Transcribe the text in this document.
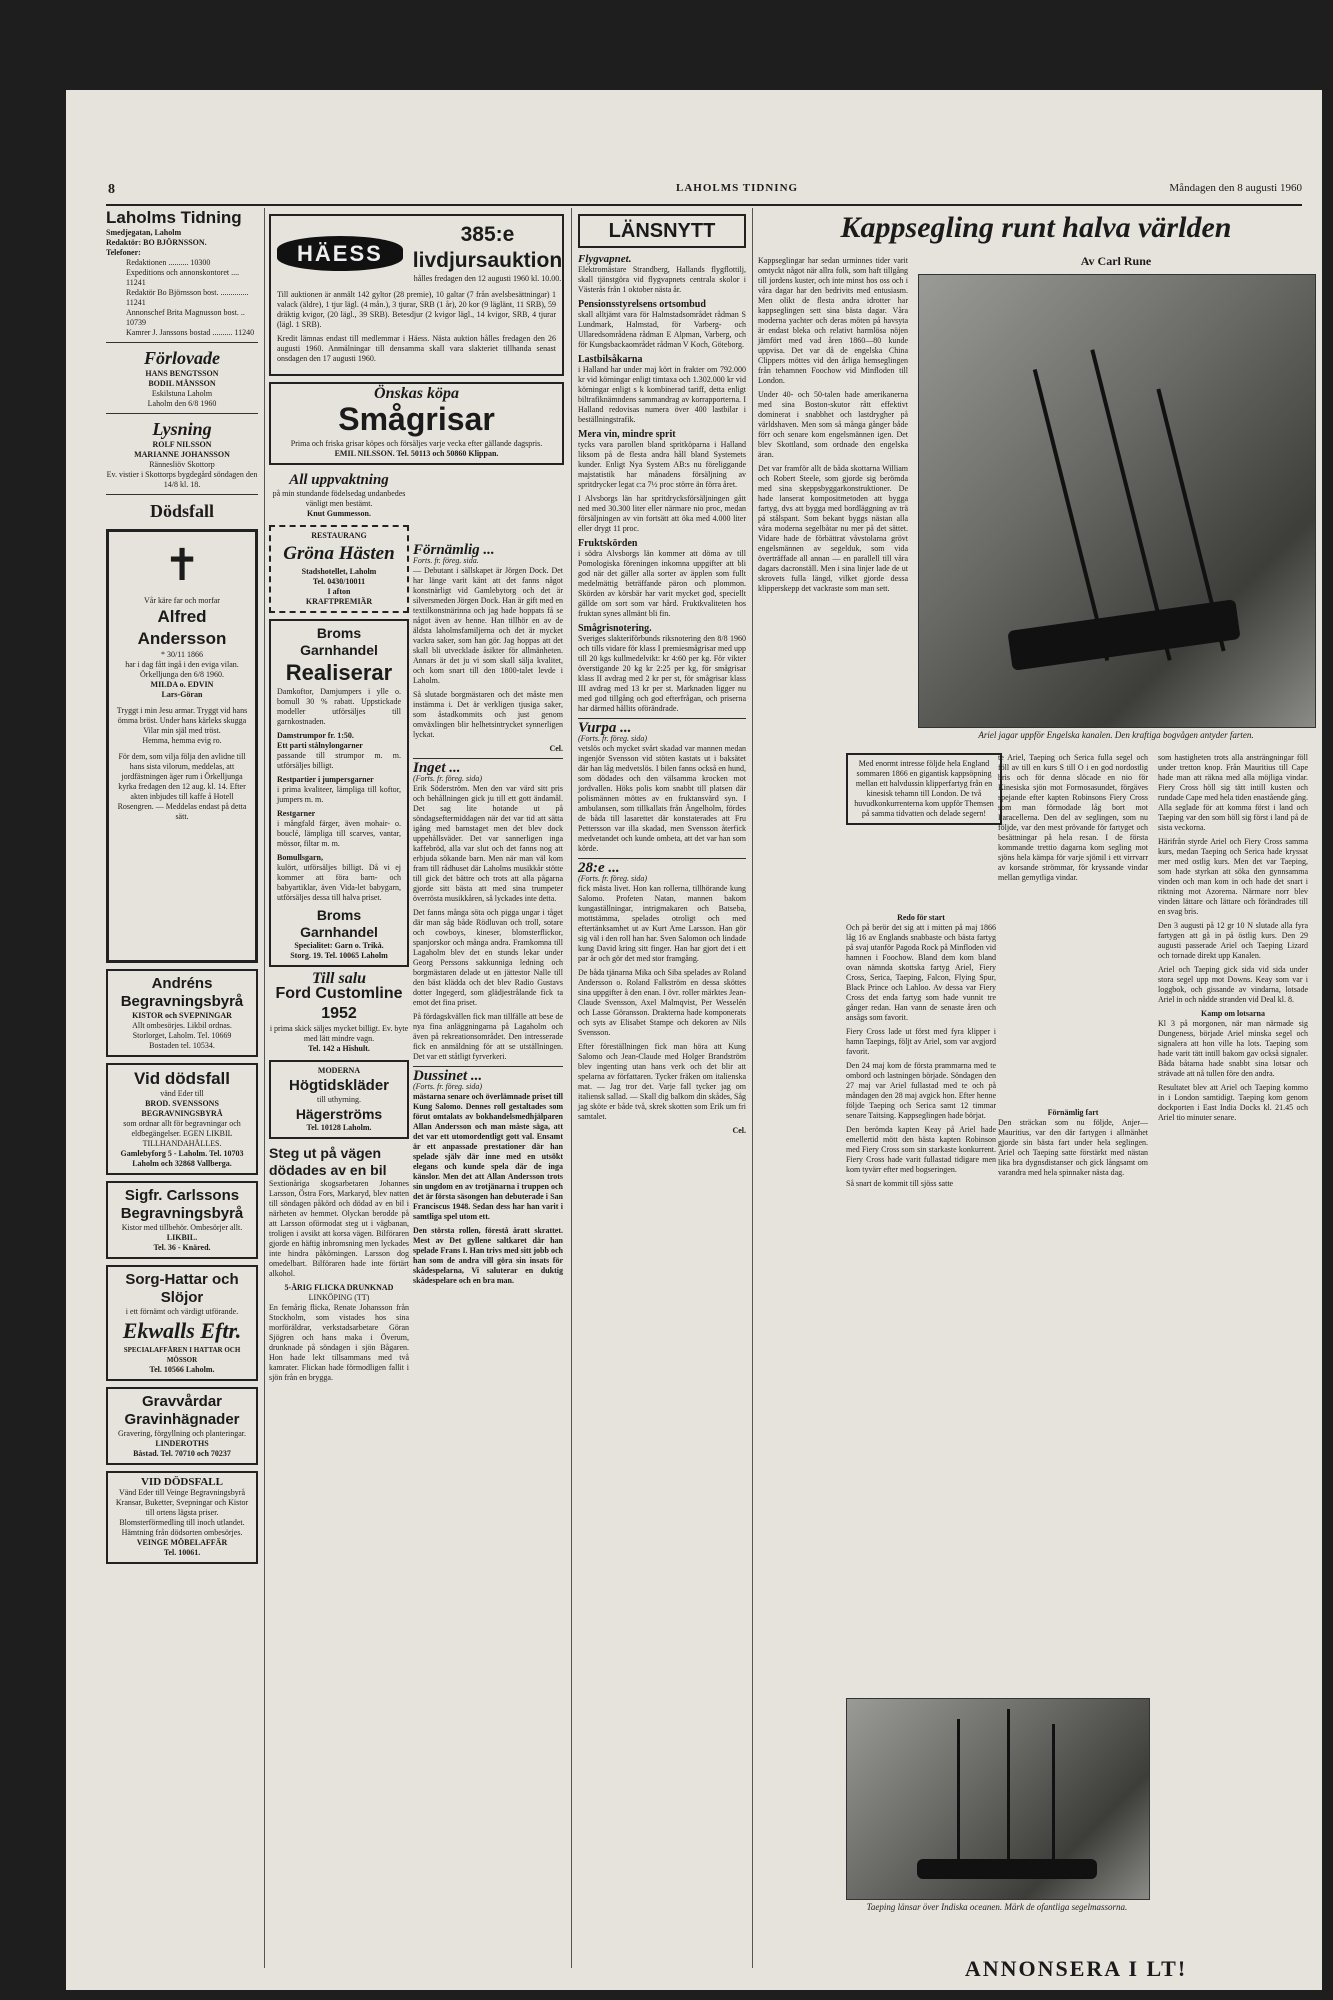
8	LAHOLMS TIDNING	Måndagen den 8 augusti 1960
Laholms Tidning
Smedjegatan, Laholm
Redaktör: BO BJÖRNSSON.
Telefoner:
Redaktionen .......... 10300
Expeditions och annonskontoret .... 11241
Redaktör Bo Björnsson bost. .............. 11241
Annonschef Brita Magnusson bost. .. 10739
Kamrer J. Janssons bostad .......... 11240
Förlovade
HANS BENGTSSON
BODIL MÅNSSON
Eskilstuna Laholm
Laholm den 6/8 1960
Lysning
ROLF NILSSON
MARIANNE JOHANSSON
Rännesliöv Skottorp
Ev. vistier i Skottorps bygdegård söndagen den 14/8 kl. 18.
Dödsfall
✝
Vår käre far och morfar
Alfred Andersson
* 30/11 1866
har i dag fått ingå i den eviga vilan.
Örkelljunga den 6/8 1960.
MILDA o. EDVIN
Lars-Göran
Tryggt i min Jesu armar. Tryggt vid hans ömma bröst. Under hans kärleks skugga Vilar min själ med tröst.
Hemma, hemma evig ro.
För dem, som vilja följa den avlidne till hans sista vilorum, meddelas, att jordfästningen äger rum i Örkelljunga kyrka fredagen den 12 aug. kl. 14. Efter akten inbjudes till kaffe å Hotell Rosengren. — Meddelas endast på detta sätt.
Andréns Begravningsbyrå
KISTOR och SVEPNINGAR
Allt ombesörjes. Likbil ordnas.
Storlorget, Laholm. Tel. 10669
Bostaden tel. 10534.
Vid dödsfall
vänd Eder till
BROD. SVENSSONS BEGRAVNINGSBYRÅ
som ordnar allt för begravningar och eldbegängelser. EGEN LIKBIL TILLHANDAHÅLLES.
Gamlebyforg 5 - Laholm. Tel. 10703 Laholm och 32868 Vallberga.
Sigfr. Carlssons Begravningsbyrå
Kistor med tillbehör. Ombesörjer allt.
LIKBIL.
Tel. 36 - Knäred.
Sorg-Hattar och Slöjor
i ett förnämt och värdigt utförande.
Ekwalls Eftr.
SPECIALAFFÄREN I HATTAR OCH MÖSSOR
Tel. 10566 Laholm.
Gravvårdar Gravinhägnader
Gravering, förgyllning och planteringar.
LINDEROTHS
Båstad. Tel. 70710 och 70237
VID DÖDSFALL
Vänd Eder till Veinge Begravningsbyrå Kransar, Buketter, Svepningar och Kistor till ortens lägsta priser. Blomsterförmedling till inoch utlandet. Hämtning från dödsorten ombesörjes.
VEINGE MÖBELAFFÄR
Tel. 10061.
HÄESS
385:e livdjursauktion
hålles fredagen den 12 augusti 1960 kl. 10.00.

Till auktionen är anmält 142 gyltor (28 premie), 10 galtar (7 från avelsbesättningar) 1 valack (äldre), 1 tjur lägl. (4 mån.), 3 tjurar, SRB (1 år), 20 kor (9 läglänt, 11 SRB), 59 dräktig kvigor, (20 lägl., 39 SRB). Betesdjur (2 kvigor lägl., 14 kvigor, SRB, 4 tjurar (lägl. 1 SRB).

Kredit lämnas endast till medlemmar i Häess. Nästa auktion hålles fredagen den 26 augusti 1960. Anmälningar till densamma skall vara slakteriet tillhanda senast onsdagen den 17 augusti 1960.

Önskas köpa
Smågrisar
Prima och friska grisar köpes och försäljes varje vecka efter gällande dagspris.
EMIL NILSSON. Tel. 50113 och 50860 Klippan.
All uppvaktning
på min stundande födelsedag undanbedes vänligt men bestämt.
Knut Gummesson.
RESTAURANG
Gröna Hästen
Stadshotellet, Laholm
Tel. 0430/10011
I afton
KRAFTPREMIÄR
Broms Garnhandel
Realiserar

Damkoftor, Damjumpers i ylle o. bomull 30 % rabatt. Uppstickade modeller utförsäljes till garnkostnaden.

Damstrumpor fr. 1:50.
Ett parti stålnylongarner

passande till strumpor m. m. utförsäljes billigt.

Restpartier i jumpersgarner

i prima kvaliteer, lämpliga till koftor, jumpers m. m.

Restgarner

i mångfald färger, även mohair- o. bouclé, lämpliga till scarves, vantar, mössor, filtar m. m.

Bomullsgarn,

kulört, utförsäljes billigt. Då vi ej kommer att föra barn- och babyartiklar, även Vida-let babygarn, utförsäljes dessa till halva priset.

Broms Garnhandel
Specialitet: Garn o. Trikå.
Storg. 19. Tel. 10065 Laholm
Till salu
Ford Customline 1952
i prima skick säljes mycket billigt. Ev. byte med lätt mindre vagn.
Tel. 142 a Hishult.
MODERNA
Högtidskläder
till uthyrning.
Hägerströms
Tel. 10128 Laholm.
Steg ut på vägen dödades av en bil

Sextionåriga skogsarbetaren Johannes Larsson, Östra Fors, Markaryd, blev natten till söndagen påkörd och dödad av en bil i närheten av hemmet. Olyckan berodde på att Larsson oförmodat steg ut i vägbanan, troligen i avsikt att korsa vägen. Bilföraren gjorde en häftig inbromsning men lyckades inte hindra påkörningen. Larsson dog omedelbart. Bilföraren hade inte förtärt alkohol.

5-ÅRIG FLICKA DRUNKNAD
LINKÖPING (TT)

En femårig flicka, Renate Johansson från Stockholm, som vistades hos sina morföräldrar, verkstadsarbetare Göran Sjögren och hans maka i Överum, drunknade på söndagen i sjön Bågaren. Hon hade lekt tillsammans med två kamrater. Flickan hade förmodligen fallit i sjön från en brygga.

Förnämlig ...
Forts. fr. föreg. sida.

— Debutant i sällskapet är Jörgen Dock. Det har länge varit känt att det fanns något konstnärligt vid Gamlebytorg och det är silversmeden Jörgen Dock. Han är gift med en textilkonstnärinna och jag hade hoppats få se något även av henne. Han tillhör en av de äldsta laholmsfamiljerna och det är mycket vackra saker, som han gör. Jag hoppas att det skall bli utvecklade åsikter för allmänheten. Annars är det ju vi som skall sälja kvalitet, och kom snart till den 1800-talet levde i Laholm.

Så slutade borgmästaren och det måste men instämma i. Det är verkligen tjusiga saker, som åstadkommits och just genom omväxlingen blir helhetsintrycket synnerligen lyckat.

Cel.
Inget ...
(Forts. fr. föreg. sida)

Erik Söderström. Men den var värd sitt pris och behållningen gick ju till ett gott ändamål. Det sag lite hotande ut på söndagseftermiddagen när det var tid att sätta igång med barnstaget men det blev dock uppehållsväder. Det var sannerligen inga kaffebröd, alla var slut och det fanns nog att erbjuda sökande barn. Men när man väl kom fram till rådhuset där Laholms musikkår stötte till gick det bättre och trots att alla pågarna gjorde sitt bästa att med sina trumpeter överrösta musikkåren, så lyckades inte detta.

Det fanns många söta och pigga ungar i tåget där man såg både Rödluvan och troll, sotare och cowboys, kineser, blomsterflickor, spanjorskor och många andra. Framkomna till Lagaholm blev det en stunds lekar under Georg Perssons sakkunniga ledning och borgmästaren delade ut en jättestor Nalle till den bäst klädda och det blev Radio Gustavs dotter Ingegerd, som glädjestrålande fick ta emot det fina priset.

På fördagskvällen fick man tillfälle att bese de nya fina anläggningarna på Lagaholm och även på rekreationsområdet. Den intresserade fick en anmäldning för att se utställningen. Det var ett ståtligt fyrverkeri.

Dussinet ...
(Forts. fr. föreg. sida)

mästarna senare och överlämnade priset till Kung Salomo. Dennes roll gestaltades som förut omtalats av bokhandelsmedhjälparen Allan Andersson och man måste säga, att det var ett utomordentligt gott val. Ensamt är ett anpassade prestationer där han spelade själv där inne med en utsökt elegans och kunde spela där de inga känslor. Men det att Allan Andersson trots sin ungdom en av trotjänarna i truppen och det är första säsongen han debuterade i San Franciscus 1948. Sedan dess har han varit i samtliga spel utom ett.

Den största rollen, förestå åratt skrattet. Mest av Det gyllene saltkaret där han spelade Frans I. Han trivs med sitt jobb och han som de andra vill göra sin insats för skådespelarna, Vi saluterar en duktig skådespelare och en bra man.

LÄNSNYTT
Flygvapnet.

Elektromästare Strandberg, Hallands flygflottilj, skall tjänstgöra vid flygvapnets centrala skolor i Västerås från 1 oktober nästa år.

Pensionsstyrelsens ortsombud

skall alltjämt vara för Halmstadsområdet rådman S Lundmark, Halmstad, för Varberg- och Ullaredsområdena rådman E Alpman, Varberg, och för Kungsbackaområdet rådman V Koch, Göteborg.

Lastbilsåkarna

i Halland har under maj kört in frakter om 792.000 kr vid körningar enligt timtaxa och 1.302.000 kr vid körningar enligt s k kombinerad tariff, detta enligt biltrafiknämndens sammandrag av korrapporterna. I Halland redovisas numera över 400 lastbilar i beställningstrafik.

Mera vin, mindre sprit

tycks vara parollen bland spritköparna i Halland liksom på de flesta andra håll bland Systemets kunder. Enligt Nya System AB:s nu föreliggande majstatistik har månadens försäljning av spritdrycker legat c:a 7½ proc större än förra året.

I Alvsborgs län har spritdrycksförsäljningen gått ned med 30.300 liter eller närmare nio proc, medan försäljningen av vin fortsätt att öka med 4.000 liter eller drygt 11 proc.

Fruktskörden

i södra Alvsborgs län kommer att döma av till Pomologiska föreningen inkomna uppgifter att bli god när det gäller alla sorter av äpplen som fullt medelmättig beträffande päron och plommon. Skörden av körsbär har varit mycket god, speciellt gällde om sort som var hård. Fruktkvaliteten hos fruktan synes allmänt bli fin.

Smågrisnotering.

Sveriges slakteriförbunds riksnotering den 8/8 1960 och tills vidare för klass I premiesmågrisar med upp till 20 kgs kullmedelvikt: kr 4:60 per kg. För vikter överstigande 20 kg kr 2:25 per kg, för smågrisar klass II avdrag med 2 kr per st, för smågrisar klass III avdrag med 13 kr per st. Marknaden ligger nu med god tillgång och god efterfrågan, och priserna har därmed hållits oförändrade.

Vurpa ...
(Forts. fr. föreg. sida)

vetslös och mycket svårt skadad var mannen medan ingenjör Svensson vid stöten kastats ut i baksätet där han låg medvetslös. I bilen fanns också en hund, som dödades och den välsamma krocken mot jordvallen. Höks polis kom snabbt till platsen där polismännen möttes av en fruktansvärd syn. I ambulansen, som tillkallats från Ängelholm, fördes de båda till lasarettet där konstaterades att Fru Pettersson var illa skadad, men Svensson återfick medvetandet och kunde ombeta, att det var han som körde.

28:e ...
(Forts. fr. föreg. sida)

fick mästa livet. Hon kan rollerna, tillhörande kung Salomo. Profeten Natan, mannen bakom kungaställningar, intrigmakaren och Batseba, mottstämma, spelades otroligt och med eftertänksamhet ut av Kurt Arne Larsson. Han gör sig väl i den roll han har. Sven Salomon och lindade kung David kring sitt finger. Han har gjort det i ett par år och gör det med stor framgång.

De båda tjänarna Mika och Siba spelades av Roland Andersson o. Roland Falkström en dessa sköttes sina uppgifter å den enan. I övr. roller märktes Jean-Claude Svensson, Axel Malmqvist, Per Wesselén och Lasse Göransson. Drakterna hade komponerats och syts av Elisabet Stampe och dekoren av Nils Svensson.

Efter föreställningen fick man höra att Kung Salomo och Jean-Claude med Holger Brandström blev ingenting utan hans verk och det blir att spelarna av författaren. Tycker fräken om italienska mat. — Jag tror det. Varje fall tycker jag om italiensk sallad. — Skall dig balkom din skådes, Såg jag sköte er både två, skrek skotten som Erik um fri samtalet.

Cel.
Kappsegling runt halva världen

Kappseglingar har sedan urminnes tider varit omtyckt något när allra folk, som haft tillgång till jordens kuster, och inte minst hos oss och i våra dagar har den bedrivits med entusiasm. Men olikt de flesta andra idrotter har kappseglingen sett sina bästa dagar. Våra moderna yachter och deras möten på havsyta är endast bleka och relativt harmlösa nöjen jämfört med vad åren 1860—80 kunde uppvisa. Det var då de engelska China Clippers möttes vid den årliga hemseglingen från tehamnen Foochow vid Minfloden till London.

Under 40- och 50-talen hade amerikanerna med sina Boston-skutor rått effektivt dominerat i snabbhet och lastdrygher på världshaven. Men som så många gånger både förr och senare kom engelsmännen igen. Det blev Skottland, som ordnade den engelska äran.

Det var framför allt de båda skottarna William och Robert Steele, som gjorde sig berömda med sina skeppsbyggarkonstruktioner. De hade lanserat kompositmetoden att bygga fartyg, dvs att bygga med bordläggning av trä på stålspant. Som bekant byggs nästan alla våra moderna segelbåtar nu mer på det sättet. Vidare hade de förbättrat våvstolarna grövt engelsmännen av segelduk, som vida överträffade all annan — en parallell till våra dagars dacronställ. Men i sina linjer lade de ut skrovets fulla längd, vilket gjorde dessa klipperskepp det vackraste som man sett.

Av Carl Rune
Ariel jagar uppför Engelska kanalen. Den kraftiga bogvågen antyder farten.
Med enormt intresse följde hela England sommaren 1866 en gigantisk kappsöpning mellan ett halvdussin klipperfartyg från en kinesisk tehamn till London. De två huvudkonkurrenterna kom uppför Themsen på samma tidvatten och delade segern!

te Ariel, Taeping och Serica fulla segel och föll av till en kurs S till O i en god nordostlig bris och för denna slöcade en nio för Kinesiska sjön mot Formosasundet, förgäves spejande efter kapten Robinsons Fiery Cross som man förmodade låg bort mot Paracellerna. Den del av seglingen, som nu följde, var den mest prövande för fartyget och besättningar på hela resan. I de första kommande trettio dagarna kom segling mot sjöns hela kämpa för varje sjömil i ett virrvarr av korsande strömmar, för kryssande vindar mellan gemytliga vindar.

Redo för start

Och på berör det sig att i mitten på maj 1866 låg 16 av Englands snabbaste och bästa fartyg på svaj utanför Pagoda Rock på Minfloden vid hamnen i Foochow. Bland dem kom bland ovan nämnda skottska fartyg Ariel, Fiery Cross, Serica, Taeping, Falcon, Flying Spur, Black Prince och Lahloo. Av dessa var Fiery Cross det enda fartyg som hade vunnit tre gånger redan. Han vann de senaste åren och ansågs som favorit.

Fiery Cross lade ut först med fyra klipper i hamn Taepings, följt av Ariel, som var avgjord favorit.

Den 24 maj kom de första prammarna med te ombord och lastningen började. Söndagen den 27 maj var Ariel fullastad med te och på måndagen den 28 maj avgick hon. Efter henne följde Taeping och Serica samt 12 timmar senare Taitsing. Kappseglingen hade börjat.

Den berömda kapten Keay på Ariel hade emellertid mött den bästa kapten Robinson med Fiery Cross som sin starkaste konkurrent. Fiery Cross hade varit fullastad tidigare men kom tyvärr efter med bogseringen.

Så snart de kommit till sjöss satte

Förnämlig fart

Den sträckan som nu följde, Anjer—Mauritius, var den där fartygen i allmänhet gjorde sin bästa fart under hela seglingen. Ariel och Taeping satte förstärkt med nästan lika bra dygnsdistanser och gick långsamt om varandra med hela spinnaker nästa dag.

Taeping länsar över Indiska oceanen. Märk de ofantliga segelmassorna.

som hastigheten trots alla ansträngningar föll under tretton knop. Från Mauritius till Cape hade man att räkna med alla möjliga vindar. Fiery Cross höll sig tätt intill kusten och rundade Cape med hela tiden enastående gång. Alla seglade för att komma först i land och Taeping var den som höll sig först i land på de sista veckorna.

Härifrån styrde Ariel och Fiery Cross samma kurs, medan Taeping och Serica hade kryssat mer med ostlig kurs. Men det var Taeping, som hade styrkan att söka den gynnsamma vinden och man kom in och hade det snart i riktning mot Azorerna. Närmare norr blev vinden lättare och lättare och förändrades till en svag bris.

Den 3 augusti på 12 gr 10 N slutade alla fyra fartygen att gå in på östlig kurs. Den 29 augusti passerade Ariel och Taeping Lizard och tornade direkt upp Kanalen.

Ariel och Taeping gick sida vid sida under stora segel upp mot Downs. Keay som var i loggbok, och gissande av vindarna, lotsade Ariel in och nådde stranden vid Deal kl. 8.

Kamp om lotsarna

Kl 3 på morgonen, när man närmade sig Dungeness, började Ariel minska segel och signalera att hon ville ha lots. Taeping som hade varit tätt intill bakom gav också signaler. Båda båtarna hade snabbt sina lotsar och strävade att nå tullen före den andra.

Resultatet blev att Ariel och Taeping kommo in i London samtidigt. Taeping kom genom dockporten i East India Docks kl. 21.45 och Ariel tio minuter senare.

ANNONSERA I LT!
